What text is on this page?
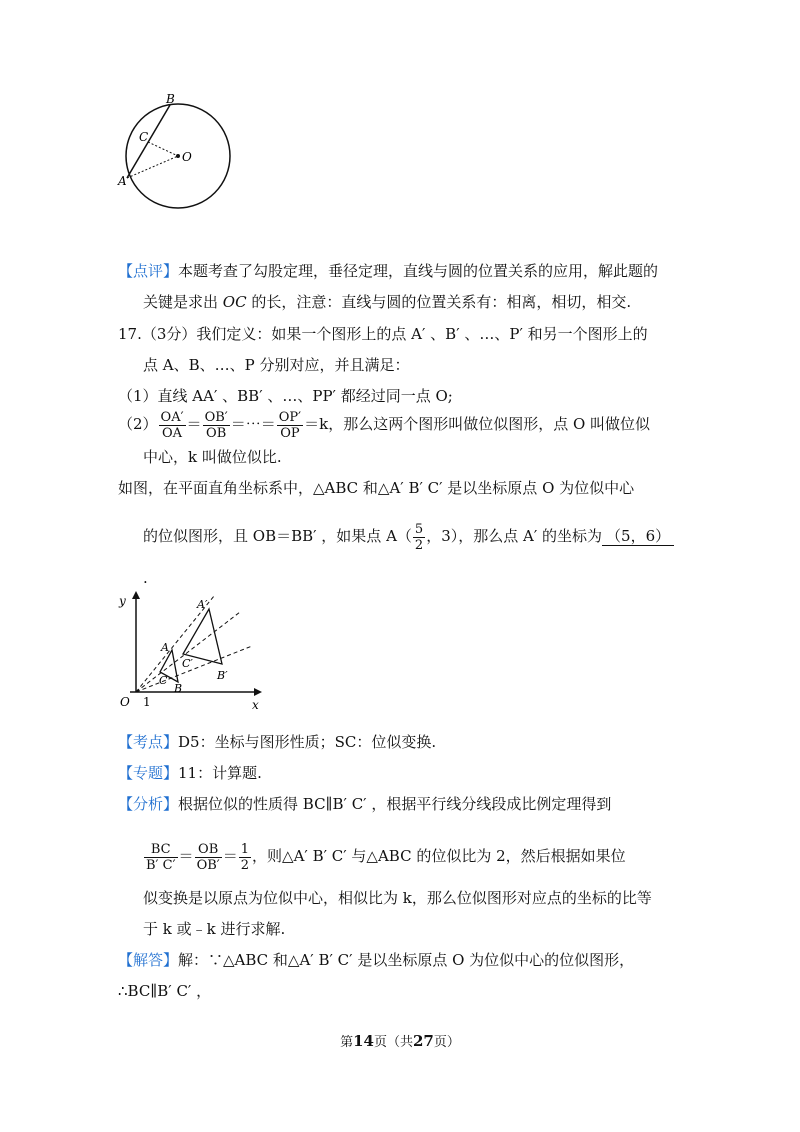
B
C
O
A
【点评】本题考查了勾股定理，垂径定理，直线与圆的位置关系的应用，解此题的
关键是求出 OC 的长，注意：直线与圆的位置关系有：相离，相切，相交.
17.（3分）我们定义：如果一个图形上的点 A′ 、B′ 、…、P′ 和另一个图形上的
点 A、B、…、P 分别对应，并且满足：
（1）直线 AA′ 、BB′ 、…、PP′ 都经过同一点 O;
$(2) \frac{OA'}{OA} = \frac{OB'}{OB}$ ＝⋯＝ $\frac{OP'}{OP} =k$，那么这两个图形叫做位似图形，点 O 叫做位似
中心，k 叫做位似比.
如图，在平面直角坐标系中，△ABC 和△A′ B′ C′ 是以坐标原点 O 为位似中心
的位似图形，且 OB＝BB′ ，如果点 $A( \frac{5}{2}$ ，3），那么点 A′ 的坐标为 （5，6）
.
y
x
O 1
A′
B′
C′
A
B
C
【考点】D5：坐标与图形性质；SC：位似变换.
【专题】11：计算题.
【分析】根据位似的性质得 BC∥B′ C′ ，根据平行线分线段成比例定理得到
$\frac{BC}{B' C'} = \frac{OB}{OB'} = \frac{1}{2}$ ，则△A′ B′ C′ 与△ABC 的位似比为 2，然后根据如果位
似变换是以原点为位似中心，相似比为 k，那么位似图形对应点的坐标的比等
于 k 或﹣k 进行求解.
【解答】解：∵△ABC 和△A′ B′ C′ 是以坐标原点 O 为位似中心的位似图形，
∴BC∥B′ C′ ，
第14页（共27页）
